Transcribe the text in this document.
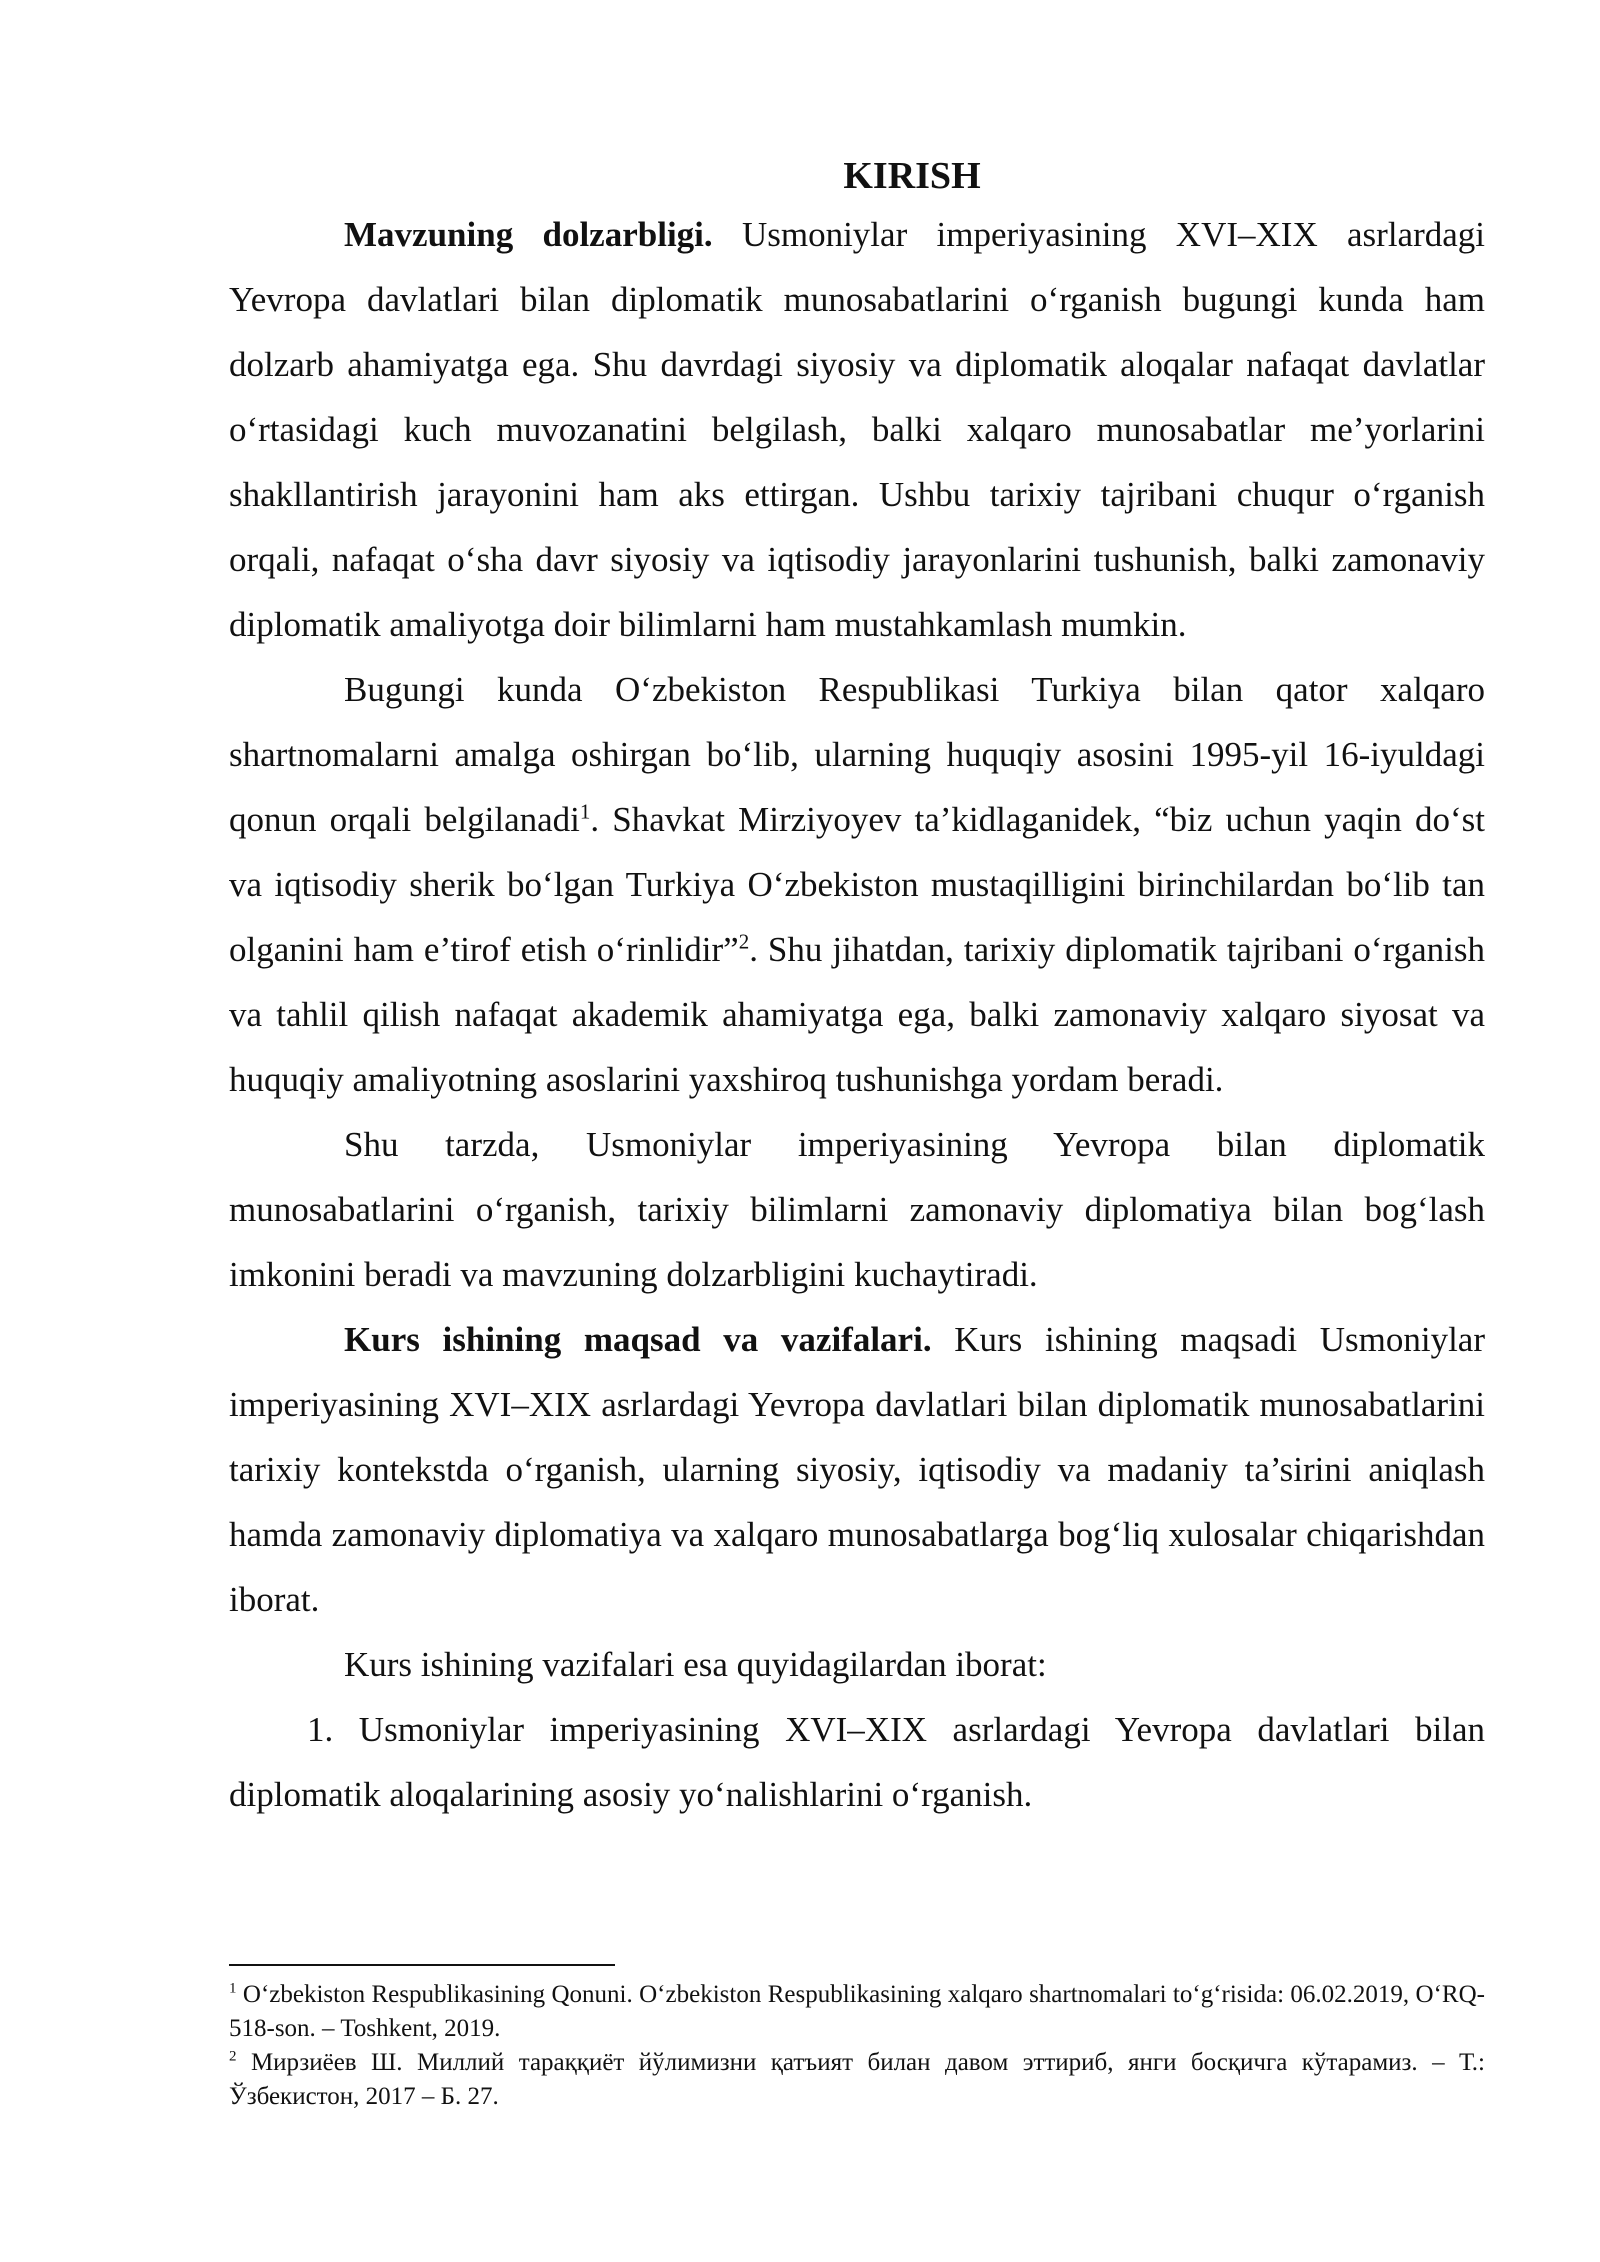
KIRISH

Mavzuning dolzarbligi. Usmoniylar imperiyasining XVI–XIX asrlardagi Yevropa davlatlari bilan diplomatik munosabatlarini oʻrganish bugungi kunda ham dolzarb ahamiyatga ega. Shu davrdagi siyosiy va diplomatik aloqalar nafaqat davlatlar oʻrtasidagi kuch muvozanatini belgilash, balki xalqaro munosabatlar me’yorlarini shakllantirish jarayonini ham aks ettirgan. Ushbu tarixiy tajribani chuqur oʻrganish orqali, nafaqat oʻsha davr siyosiy va iqtisodiy jarayonlarini tushunish, balki zamonaviy diplomatik amaliyotga doir bilimlarni ham mustahkamlash mumkin.

Bugungi kunda Oʻzbekiston Respublikasi Turkiya bilan qator xalqaro shartnomalarni amalga oshirgan boʻlib, ularning huquqiy asosini 1995-yil 16-iyuldagi qonun orqali belgilanadi$^1$. Shavkat Mirziyoyev ta’kidlaganidek, “biz uchun yaqin doʻst va iqtisodiy sherik boʻlgan Turkiya Oʻzbekiston mustaqilligini birinchilardan boʻlib tan olganini ham e’tirof etish oʻrinlidir”$^2$. Shu jihatdan, tarixiy diplomatik tajribani oʻrganish va tahlil qilish nafaqat akademik ahamiyatga ega, balki zamonaviy xalqaro siyosat va huquqiy amaliyotning asoslarini yaxshiroq tushunishga yordam beradi.

Shu tarzda, Usmoniylar imperiyasining Yevropa bilan diplomatik munosabatlarini oʻrganish, tarixiy bilimlarni zamonaviy diplomatiya bilan bogʻlash imkonini beradi va mavzuning dolzarbligini kuchaytiradi.

Kurs ishining maqsad va vazifalari. Kurs ishining maqsadi Usmoniylar imperiyasining XVI–XIX asrlardagi Yevropa davlatlari bilan diplomatik munosabatlarini tarixiy kontekstda oʻrganish, ularning siyosiy, iqtisodiy va madaniy ta’sirini aniqlash hamda zamonaviy diplomatiya va xalqaro munosabatlarga bogʻliq xulosalar chiqarishdan iborat.

Kurs ishining vazifalari esa quyidagilardan iborat:

1. Usmoniylar imperiyasining XVI–XIX asrlardagi Yevropa davlatlari bilan diplomatik aloqalarining asosiy yoʻnalishlarini oʻrganish.

$^1$ Oʻzbekiston Respublikasining Qonuni. Oʻzbekiston Respublikasining xalqaro shartnomalari toʻgʻrisida: 06.02.2019, OʻRQ-518-son. – Toshkent, 2019.

$^2$ Мирзиёев Ш. Миллий тараққиёт йўлимизни қатъият билан давом эттириб, янги босқичга кўтарамиз. – Т.: Ўзбекистон, 2017 – Б. 27.
